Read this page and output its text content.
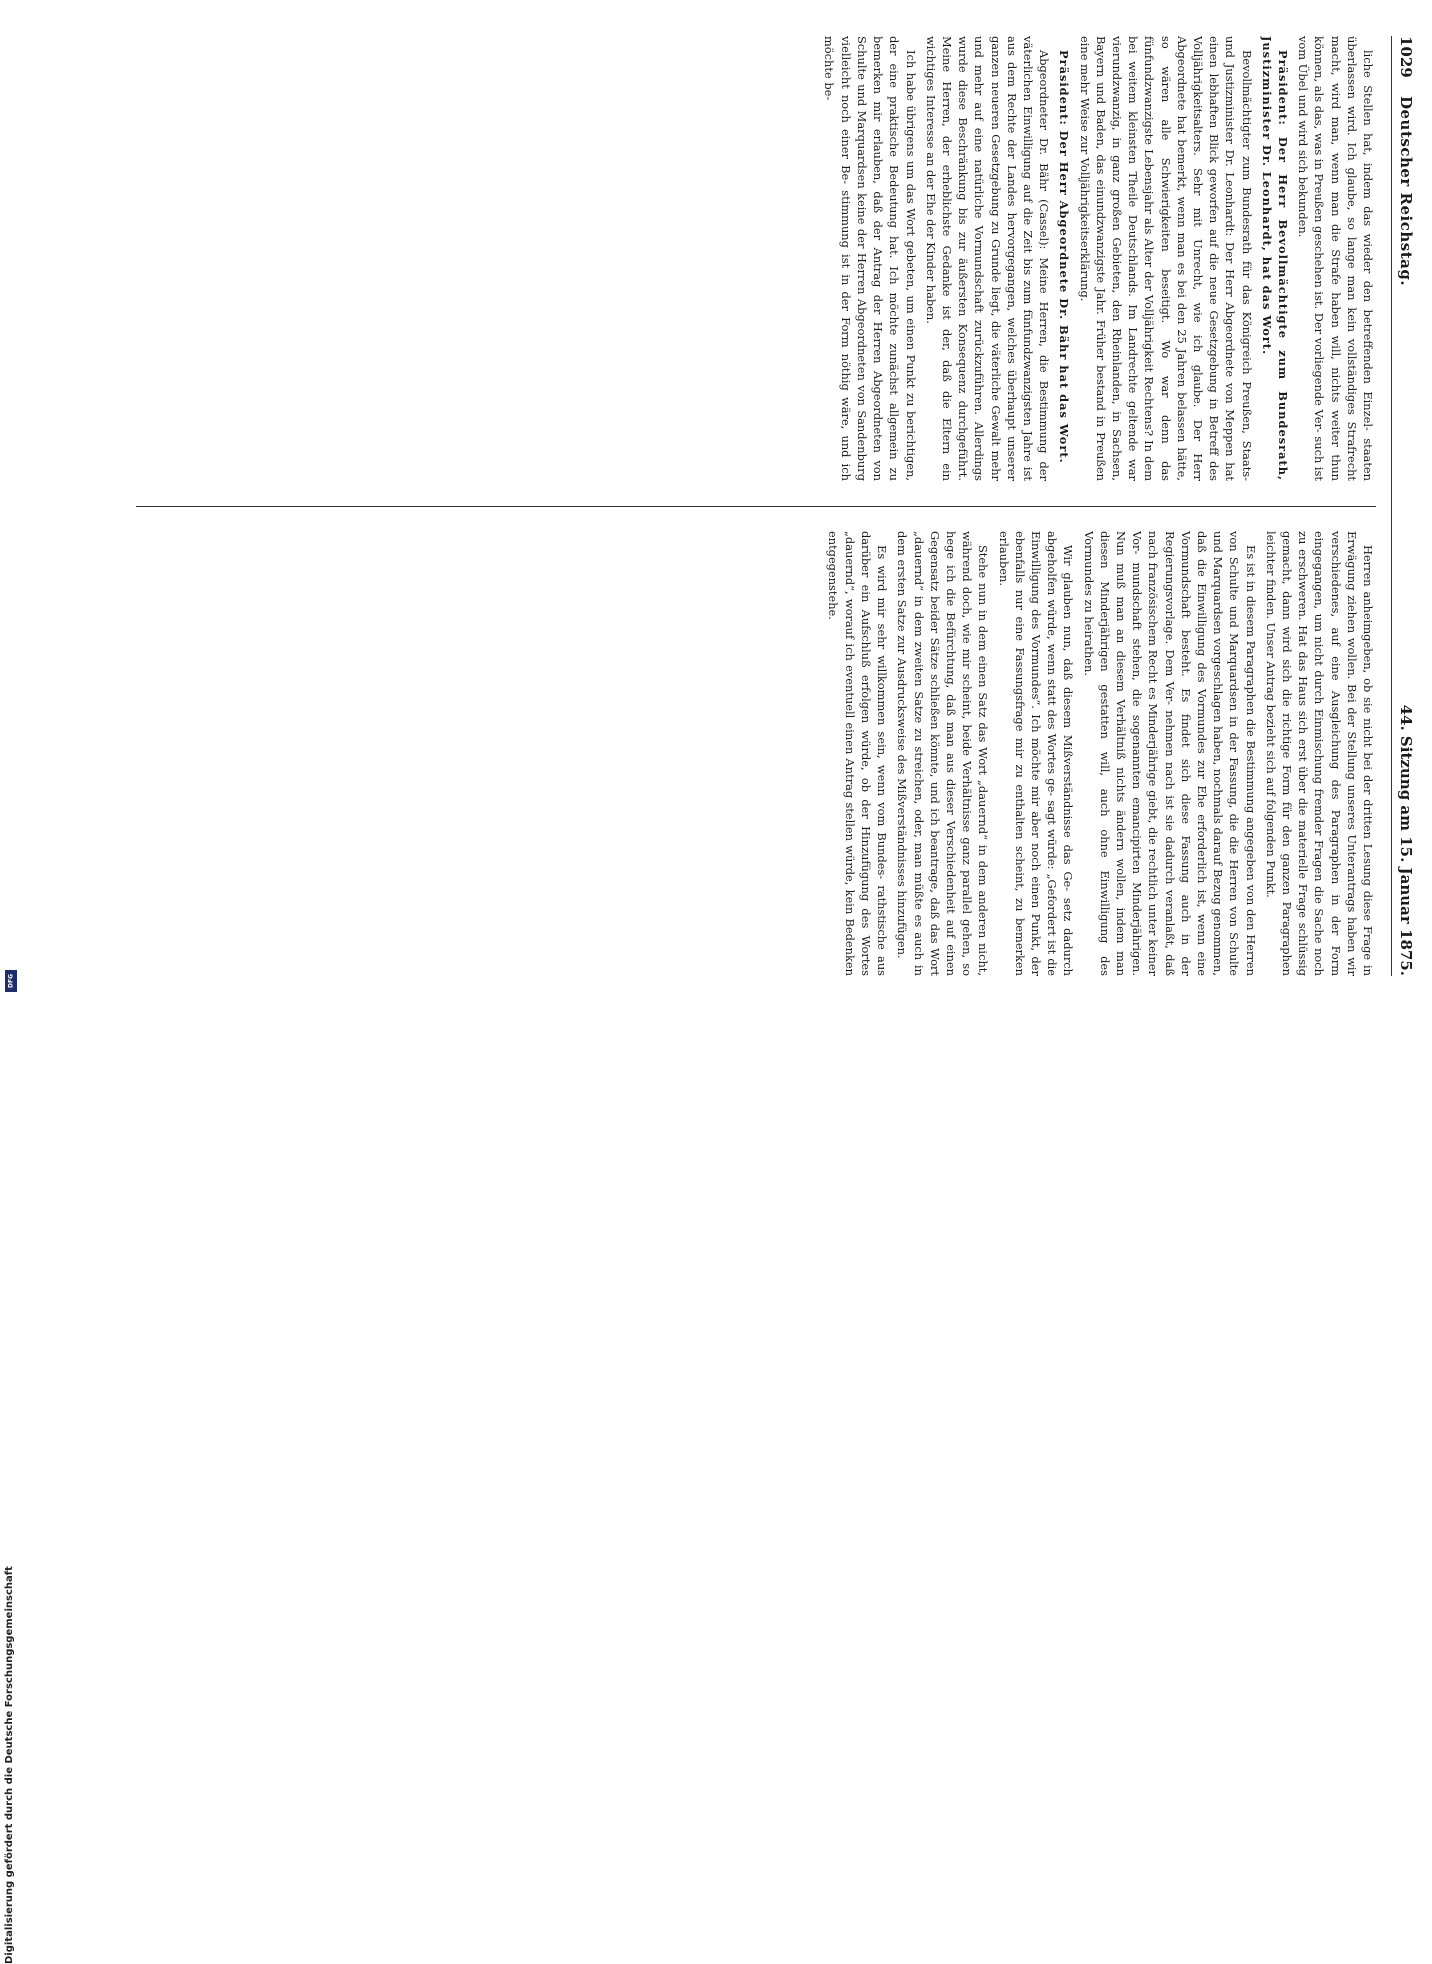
1029
Deutscher Reichstag.
44. Sitzung am 15. Januar 1875.

liche Stellen hat, indem das wieder den betreffenden Einzel- staaten überlassen wird. Ich glaube, so lange man kein vollständiges Strafrecht macht, wird man, wenn man die Strafe haben will, nichts weiter thun können, als das, was in Preußen geschehen ist. Der vorliegende Ver- such ist vom Übel und wird sich bekunden.

Präsident: Der Herr Bevollmächtigte zum Bundesrath, Justizminister Dr. Leonhardt, hat das Wort.

Bevollmächtigter zum Bundesrath für das Königreich Preußen, Staats- und Justizminister Dr. Leonhardt: Der Herr Abgeordnete von Meppen hat einen lebhaften Blick geworfen auf die neue Gesetzgebung in Betreff des Volljährigkeitsalters. Sehr mit Unrecht, wie ich glaube. Der Herr Abgeordnete hat bemerkt, wenn man es bei den 25 Jahren belassen hätte, so wären alle Schwierigkeiten beseitigt. Wo war denn das fünfundzwanzigste Lebensjahr als Alter der Volljährigkeit Rechtens? In dem bei weitem kleinsten Theile Deutschlands. Im Landrechte geltende war vierundzwanzig, in ganz großen Gebieten, den Rheinlanden, in Sachsen, Bayern und Baden, das einundzwanzigste Jahr. Früher bestand in Preußen eine mehr Weise zur Volljährigkeitserklärung.

Präsident: Der Herr Abgeordnete Dr. Bähr hat das Wort.

Abgeordneter Dr. Bähr (Cassel): Meine Herren, die Bestimmung der väterlichen Einwilligung auf die Zeit bis zum fünfundzwanzigsten Jahre ist aus dem Rechte der Landes hervorgegangen, welches überhaupt unserer ganzen neueren Gesetzgebung zu Grunde liegt, die väterliche Gewalt mehr und mehr auf eine natürliche Vormundschaft zurückzuführen. Allerdings wurde diese Beschränkung bis zur äußersten Konsequenz durchgeführt. Meine Herren, der erheblichste Gedanke ist der, daß die Eltern ein wichtiges Interesse an der Ehe der Kinder haben.

Ich habe übrigens um das Wort gebeten, um einen Punkt zu berichtigen, der eine praktische Bedeutung hat. Ich möchte zunächst allgemein zu bemerken mir erlauben, daß der Antrag der Herren Abgeordneten von Schulte und Marquardsen keine der Herren Abgeordneten von Sandenburg vielleicht noch einer Be- stimmung ist in der Form nöthig wäre, und ich möchte be-

Herren anheimgeben, ob sie nicht bei der dritten Lesung diese Frage in Erwägung ziehen wollen. Bei der Stellung unseres Unterantrags haben wir verschiedenes, auf eine Ausgleichung des Paragraphen in der Form eingegangen, um nicht durch Einmischung fremder Fragen die Sache noch zu erschweren. Hat das Haus sich erst über die materielle Frage schlüssig gemacht, dann wird sich die richtige Form für den ganzen Paragraphen leichter finden. Unser Antrag bezieht sich auf folgenden Punkt.

Es ist in diesem Paragraphen die Bestimmung angegeben von den Herren von Schulte und Marquardsen in der Fassung, die die Herren von Schulte und Marquardsen vorgeschlagen haben, nochmals darauf Bezug genommen, daß die Einwilligung des Vormundes zur Ehe erforderlich ist, wenn eine Vormundschaft besteht. Es findet sich diese Fassung auch in der Regierungsvorlage. Dem Ver- nehmen nach ist sie dadurch veranlaßt, daß nach französischem Recht es Minderjährige giebt, die rechtlich unter keiner Vor- mundschaft stehen, die sogenannten emancipirten Minderjährigen. Nun muß man an diesem Verhältniß nichts ändern wollen, indem man diesen Minderjährigen gestatten will, auch ohne Einwilligung des Vormundes zu heirathen.

Wir glauben nun, daß diesem Mißverständnisse das Ge- setz dadurch abgeholfen würde, wenn statt des Wortes ge- sagt würde: „Gefordert ist die Einwilligung des Vormundes“. Ich möchte mir aber noch einen Punkt, der ebenfalls nur eine Fassungsfrage mir zu enthalten scheint, zu bemerken erlauben.

Stehe nun in dem einen Satz das Wort „dauernd“ in dem anderen nicht, während doch, wie mir scheint, beide Verhältnisse ganz parallel gehen, so hege ich die Befürchtung, daß man aus dieser Verschiedenheit auf einen Gegensatz beider Sätze schließen könnte, und ich beantrage, daß das Wort „dauernd“ in dem zweiten Satze zu streichen, oder, man müßte es auch in dem ersten Satze zur Ausdrucksweise des Mißverständnisses hinzufügen.

Es wird mir sehr willkommen sein, wenn vom Bundes- rathstische aus darüber ein Aufschluß erfolgen würde, ob der Hinzufügung des Wortes „dauernd“, worauf ich eventuell einen Antrag stellen würde, kein Bedenken entgegenstehe.

Digitalisierung gefördert durch die Deutsche Forschungsgemeinschaft
DFG
